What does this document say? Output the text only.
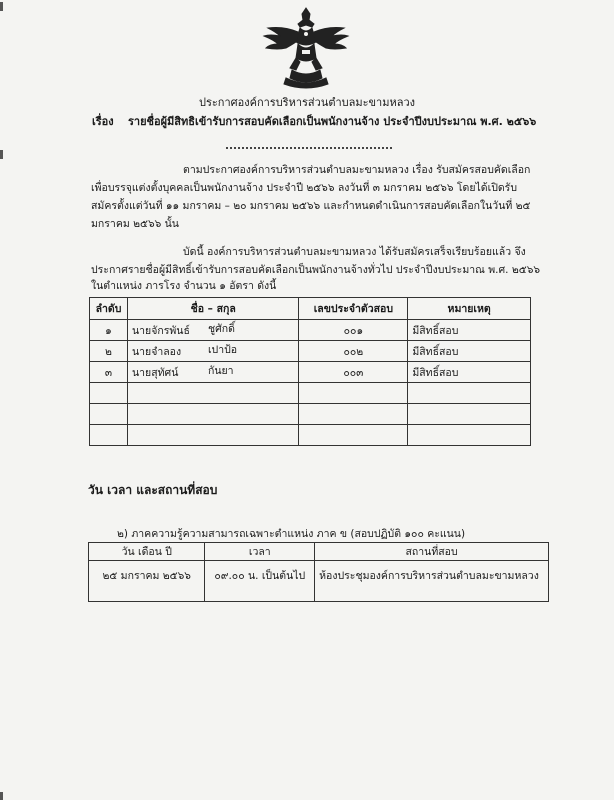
ประกาศองค์การบริหารส่วนตำบลมะขามหลวง
เรื่อง รายชื่อผู้มีสิทธิเข้ารับการสอบคัดเลือกเป็นพนักงานจ้าง ประจำปีงบประมาณ พ.ศ. ๒๕๖๖
ตามประกาศองค์การบริหารส่วนตำบลมะขามหลวง เรื่อง รับสมัครสอบคัดเลือก
เพื่อบรรจุแต่งตั้งบุคคลเป็นพนักงานจ้าง ประจำปี ๒๕๖๖ ลงวันที่ ๓ มกราคม ๒๕๖๖ โดยได้เปิดรับ
สมัครตั้งแต่วันที่ ๑๑ มกราคม – ๒๐ มกราคม ๒๕๖๖ และกำหนดดำเนินการสอบคัดเลือกในวันที่ ๒๕
มกราคม ๒๕๖๖ นั้น
บัดนี้ องค์การบริหารส่วนตำบลมะขามหลวง ได้รับสมัครเสร็จเรียบร้อยแล้ว จึง
ประกาศรายชื่อผู้มีสิทธิ์เข้ารับการสอบคัดเลือกเป็นพนักงานจ้างทั่วไป ประจำปีงบประมาณ พ.ศ. ๒๕๖๖
ในตำแหน่ง ภารโรง จำนวน ๑ อัตรา ดังนี้
ลำดับ	ชื่อ – สกุล	เลขประจำตัวสอบ	หมายเหตุ
๑	นายจักรพันธ์ ชูศักดิ์	๐๐๑	มีสิทธิ์สอบ
๒	นายจำลอง เปาป้อ	๐๐๒	มีสิทธิ์สอบ
๓	นายสุทัศน์ กันยา	๐๐๓	มีสิทธิ์สอบ

วัน เวลา และสถานที่สอบ
๒) ภาคความรู้ความสามารถเฉพาะตำแหน่ง ภาค ข (สอบปฏิบัติ ๑๐๐ คะแนน)
วัน เดือน ปี	เวลา	สถานที่สอบ
๒๕ มกราคม ๒๕๖๖	๐๙.๐๐ น. เป็นต้นไป	ห้องประชุมองค์การบริหารส่วนตำบลมะขามหลวง
